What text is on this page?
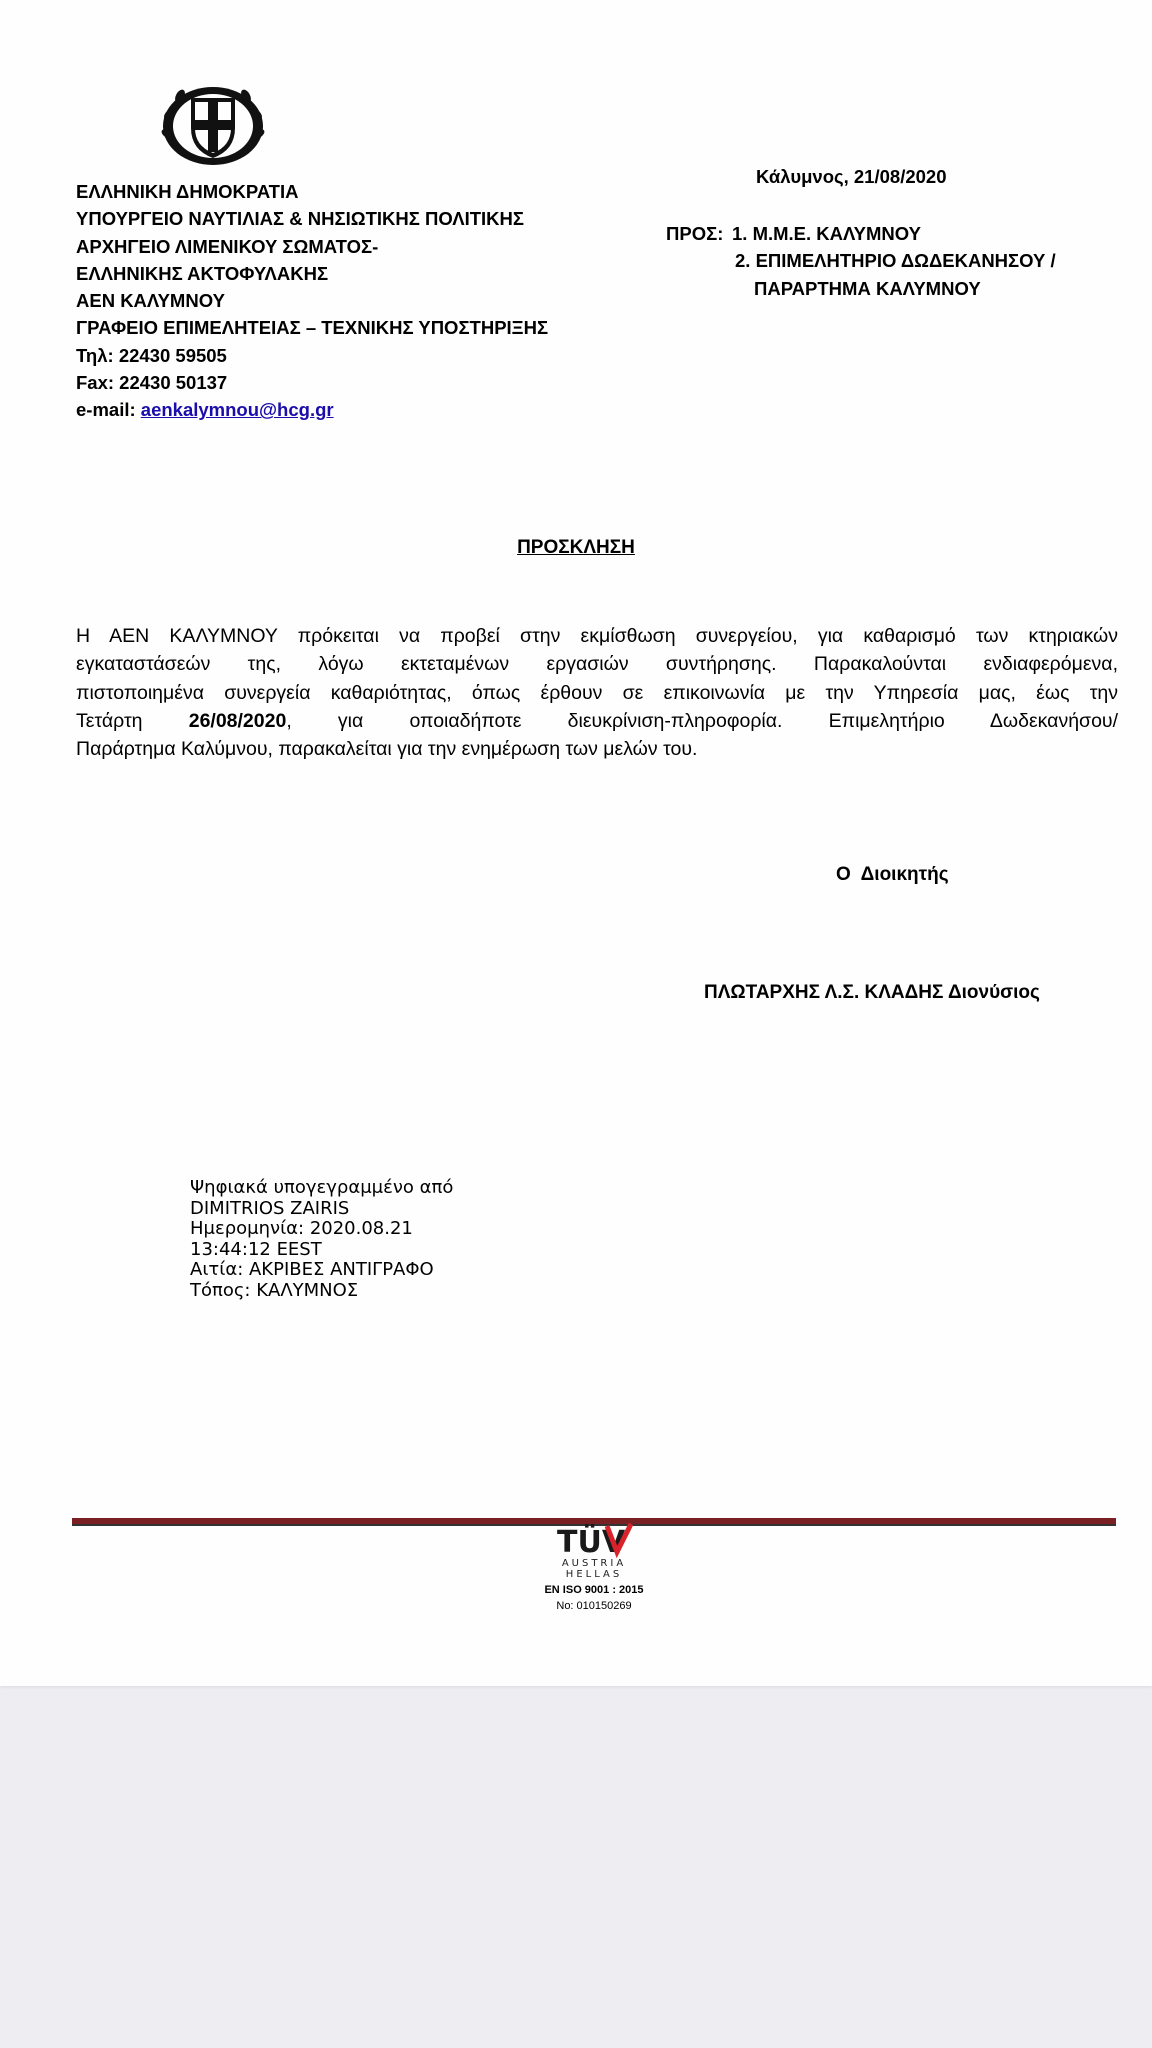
ΕΛΛΗΝΙΚΗ ΔΗΜΟΚΡΑΤΙΑ
ΥΠΟΥΡΓΕΙΟ ΝΑΥΤΙΛΙΑΣ & ΝΗΣΙΩΤΙΚΗΣ ΠΟΛΙΤΙΚΗΣ
ΑΡΧΗΓΕΙΟ ΛΙΜΕΝΙΚΟΥ ΣΩΜΑΤΟΣ-
ΕΛΛΗΝΙΚΗΣ ΑΚΤΟΦΥΛΑΚΗΣ
ΑΕΝ ΚΑΛΥΜΝΟΥ
ΓΡΑΦΕΙΟ ΕΠΙΜΕΛΗΤΕΙΑΣ – ΤΕΧΝΙΚΗΣ ΥΠΟΣΤΗΡΙΞΗΣ
Τηλ: 22430 59505
Fax: 22430 50137
e-mail: aenkalymnou@hcg.gr
Κάλυμνος, 21/08/2020
ΠΡΟΣ: 1. Μ.Μ.Ε. ΚΑΛΥΜΝΟΥ
2. ΕΠΙΜΕΛΗΤΗΡΙΟ ΔΩΔΕΚΑΝΗΣΟΥ /
ΠΑΡΑΡΤΗΜΑ ΚΑΛΥΜΝΟΥ
ΠΡΟΣΚΛΗΣΗ
Η ΑΕΝ ΚΑΛΥΜΝΟΥ πρόκειται να προβεί στην εκμίσθωση συνεργείου, για καθαρισμό των κτηριακών
εγκαταστάσεών της, λόγω εκτεταμένων εργασιών συντήρησης. Παρακαλούνται ενδιαφερόμενα,
πιστοποιημένα συνεργεία καθαριότητας, όπως έρθουν σε επικοινωνία με την Υπηρεσία μας, έως την
Τετάρτη 26/08/2020, για οποιαδήποτε διευκρίνιση-πληροφορία. Επιμελητήριο Δωδεκανήσου/
Παράρτημα Καλύμνου, παρακαλείται για την ενημέρωση των μελών του.
Ο  Διοικητής
ΠΛΩΤΑΡΧΗΣ Λ.Σ. ΚΛΑΔΗΣ Διονύσιος
Ψηφιακά υπογεγραμμένο από
DIMITRIOS ZAIRIS
Ημερομηνία: 2020.08.21
13:44:12 EEST
Αιτία: ΑΚΡΙΒΕΣ ΑΝΤΙΓΡΑΦΟ
Τόπος: ΚΑΛΥΜΝΟΣ
TÜV
AUSTRIA
HELLAS
EN ISO 9001 : 2015
No: 010150269
